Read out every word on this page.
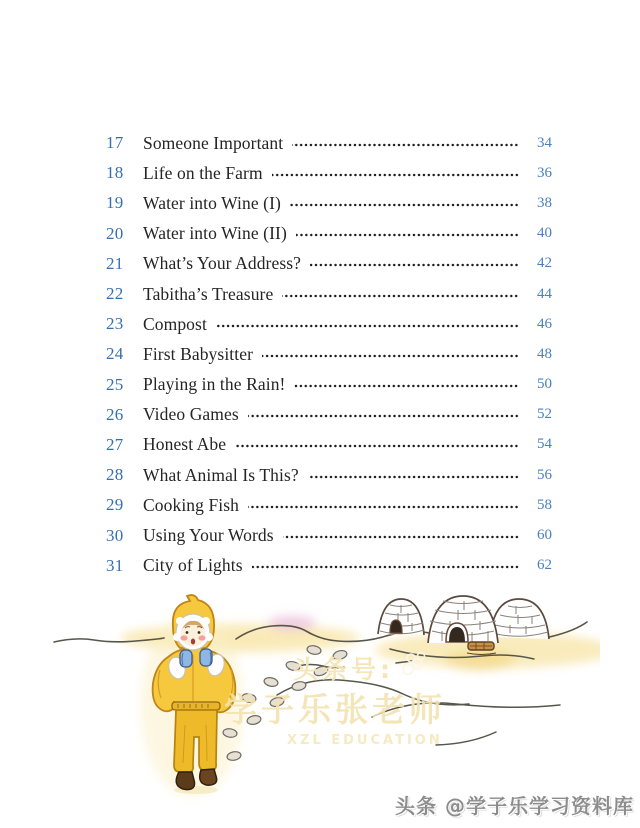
17	Someone Important	34
18	Life on the Farm	36
19	Water into Wine (I)	38
20	Water into Wine (II)	40
21	What’s Your Address?	42
22	Tabitha’s Treasure	44
23	Compost	46
24	First Babysitter	48
25	Playing in the Rain!	50
26	Video Games	52
27	Honest Abe	54
28	What Animal Is This?	56
29	Cooking Fish	58
30	Using Your Words	60
31	City of Lights	62
头条号:
学子乐张老师
XZL EDUCATION
头条 @学子乐学习资料库
